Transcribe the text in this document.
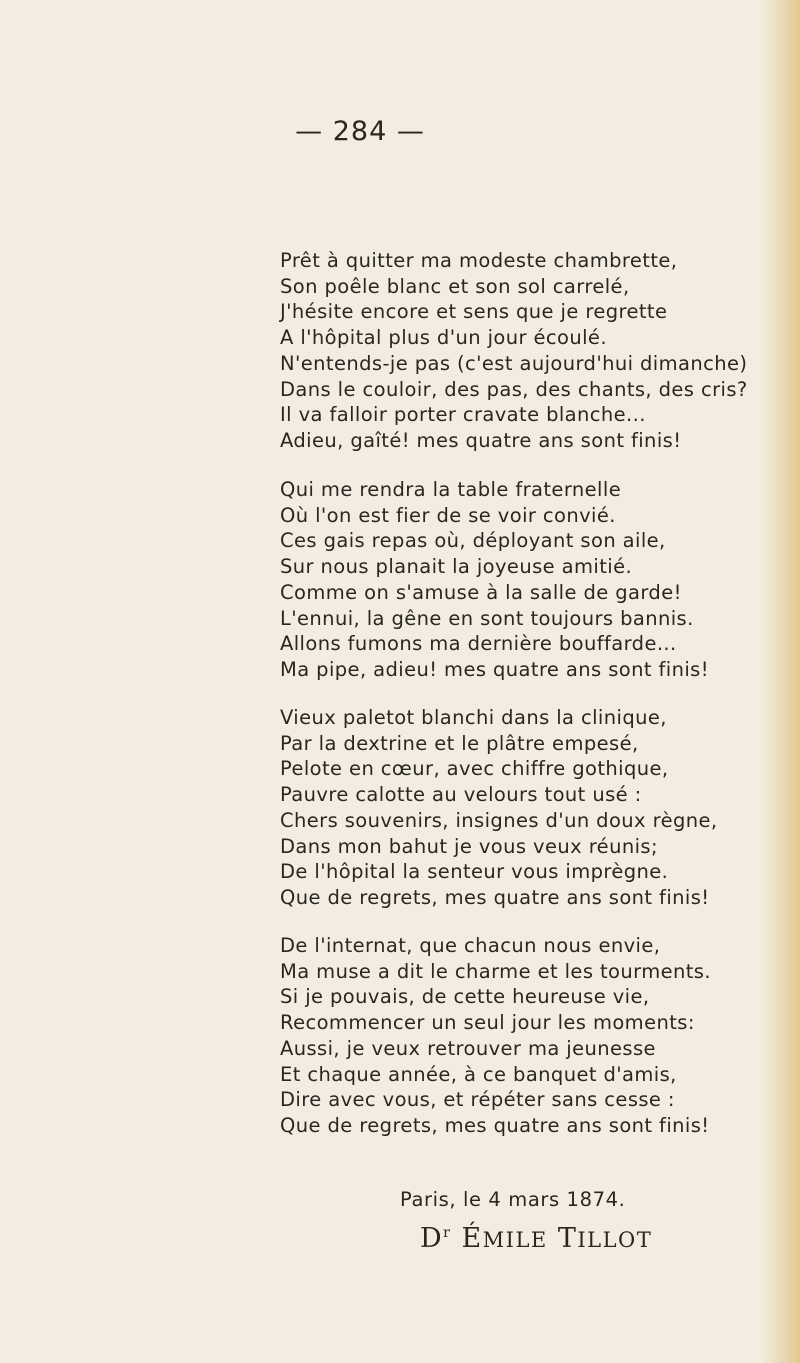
— 284 —
Prêt à quitter ma modeste chambrette,
Son poêle blanc et son sol carrelé,
J'hésite encore et sens que je regrette
A l'hôpital plus d'un jour écoulé.
N'entends-je pas (c'est aujourd'hui dimanche)
Dans le couloir, des pas, des chants, des cris?
Il va falloir porter cravate blanche...
Adieu, gaîté! mes quatre ans sont finis!
Qui me rendra la table fraternelle
Où l'on est fier de se voir convié.
Ces gais repas où, déployant son aile,
Sur nous planait la joyeuse amitié.
Comme on s'amuse à la salle de garde!
L'ennui, la gêne en sont toujours bannis.
Allons fumons ma dernière bouffarde...
Ma pipe, adieu! mes quatre ans sont finis!
Vieux paletot blanchi dans la clinique,
Par la dextrine et le plâtre empesé,
Pelote en cœur, avec chiffre gothique,
Pauvre calotte au velours tout usé :
Chers souvenirs, insignes d'un doux règne,
Dans mon bahut je vous veux réunis;
De l'hôpital la senteur vous imprègne.
Que de regrets, mes quatre ans sont finis!
De l'internat, que chacun nous envie,
Ma muse a dit le charme et les tourments.
Si je pouvais, de cette heureuse vie,
Recommencer un seul jour les moments:
Aussi, je veux retrouver ma jeunesse
Et chaque année, à ce banquet d'amis,
Dire avec vous, et répéter sans cesse :
Que de regrets, mes quatre ans sont finis!
Paris, le 4 mars 1874.
$D^r$ ÉMILE TILLOT
